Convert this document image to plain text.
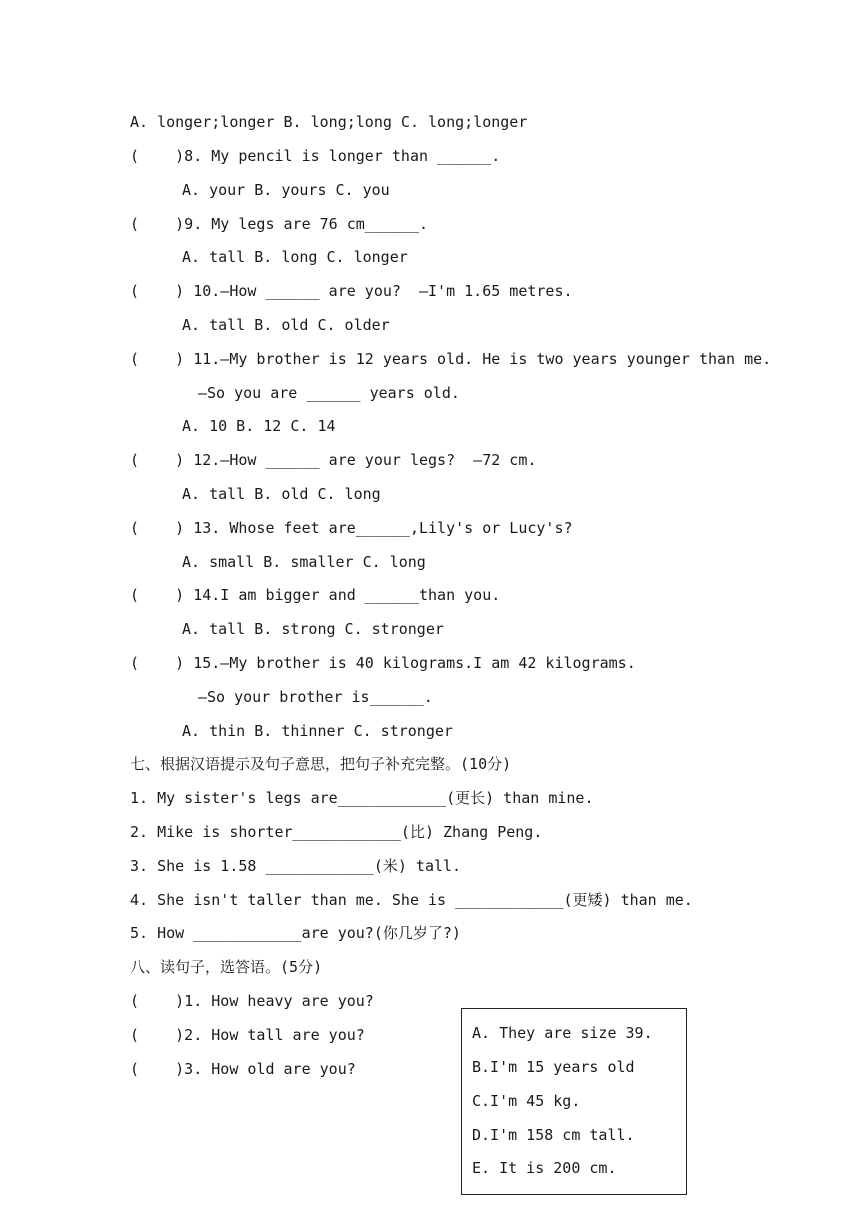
A. longer;longer B. long;long C. long;longer
(    )8. My pencil is longer than ______.
A. your B. yours C. you
(    )9. My legs are 76 cm______.
A. tall B. long C. longer
(    ) 10.—How ______ are you?  —I'm 1.65 metres.
A. tall B. old C. older
(    ) 11.—My brother is 12 years old. He is two years younger than me.
—So you are ______ years old.
A. 10 B. 12 C. 14
(    ) 12.—How ______ are your legs?  —72 cm.
A. tall B. old C. long
(    ) 13. Whose feet are______,Lily's or Lucy's?
A. small B. smaller C. long
(    ) 14.I am bigger and ______than you.
A. tall B. strong C. stronger
(    ) 15.—My brother is 40 kilograms.I am 42 kilograms.
—So your brother is______.
A. thin B. thinner C. stronger
七、根据汉语提示及句子意思，把句子补充完整。(10分)
1. My sister's legs are____________(更长) than mine.
2. Mike is shorter____________(比) Zhang Peng.
3. She is 1.58 ____________(米) tall.
4. She isn't taller than me. She is ____________(更矮) than me.
5. How ____________are you?(你几岁了?)
八、读句子，选答语。(5分)
(    )1. How heavy are you?
(    )2. How tall are you?
(    )3. How old are you?
A. They are size 39.
B.I'm 15 years old
C.I'm 45 kg.
D.I'm 158 cm tall.
E. It is 200 cm.
